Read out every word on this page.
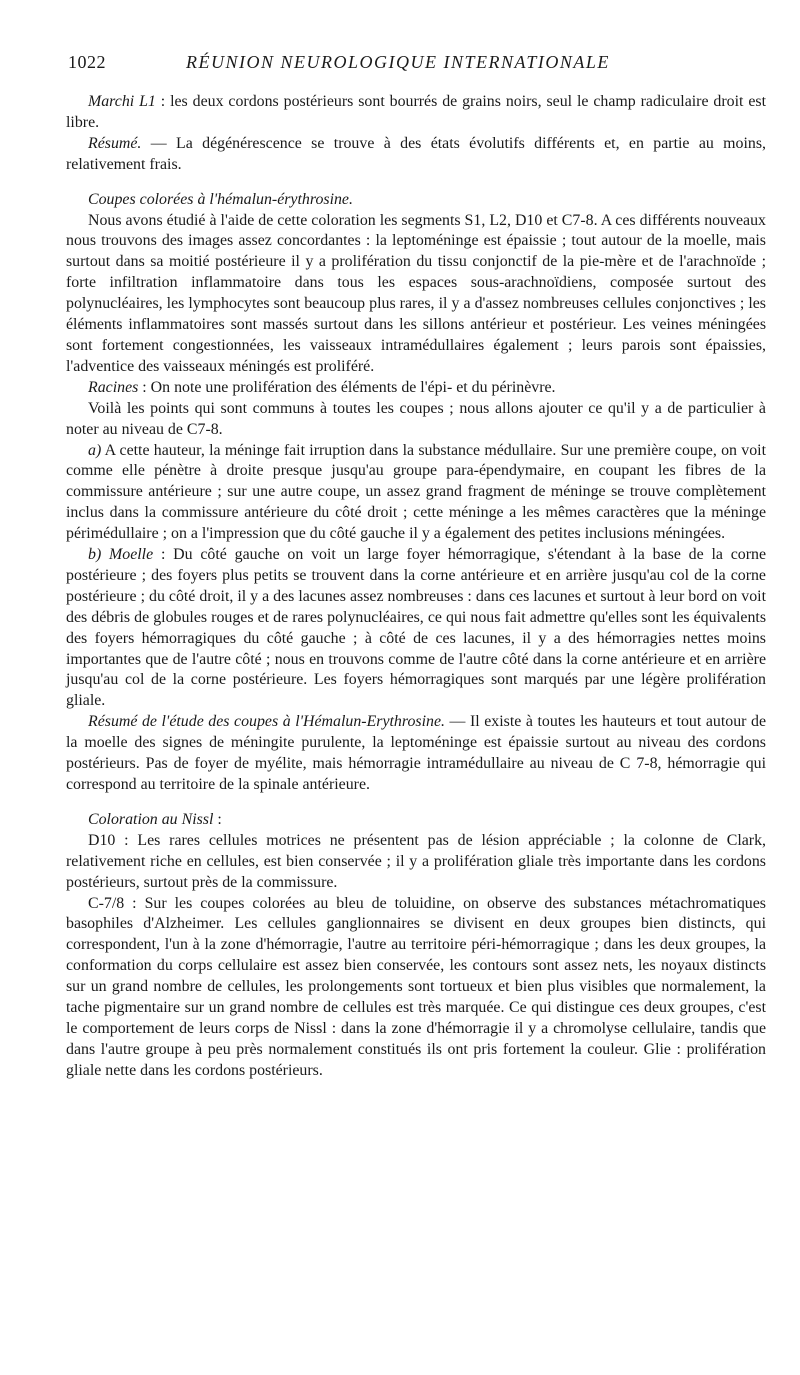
1022	RÉUNION NEUROLOGIQUE INTERNATIONALE

Marchi L1 : les deux cordons postérieurs sont bourrés de grains noirs, seul le champ radiculaire droit est libre.

Résumé. — La dégénérescence se trouve à des états évolutifs différents et, en partie au moins, relativement frais.

Coupes colorées à l'hémalun-érythrosine.

Nous avons étudié à l'aide de cette coloration les segments S1, L2, D10 et C7-8. A ces différents nouveaux nous trouvons des images assez concordantes : la leptoméninge est épaissie ; tout autour de la moelle, mais surtout dans sa moitié postérieure il y a prolifération du tissu conjonctif de la pie-mère et de l'arachnoïde ; forte infiltration inflammatoire dans tous les espaces sous-arachnoïdiens, composée surtout des polynucléaires, les lymphocytes sont beaucoup plus rares, il y a d'assez nombreuses cellules conjonctives ; les éléments inflammatoires sont massés surtout dans les sillons antérieur et postérieur. Les veines méningées sont fortement congestionnées, les vaisseaux intramédullaires également ; leurs parois sont épaissies, l'adventice des vaisseaux méningés est proliféré.

Racines : On note une prolifération des éléments de l'épi- et du périnèvre.

Voilà les points qui sont communs à toutes les coupes ; nous allons ajouter ce qu'il y a de particulier à noter au niveau de C7-8.

a) A cette hauteur, la méninge fait irruption dans la substance médullaire. Sur une première coupe, on voit comme elle pénètre à droite presque jusqu'au groupe para-épendymaire, en coupant les fibres de la commissure antérieure ; sur une autre coupe, un assez grand fragment de méninge se trouve complètement inclus dans la commissure antérieure du côté droit ; cette méninge a les mêmes caractères que la méninge périmédullaire ; on a l'impression que du côté gauche il y a également des petites inclusions méningées.

b) Moelle : Du côté gauche on voit un large foyer hémorragique, s'étendant à la base de la corne postérieure ; des foyers plus petits se trouvent dans la corne antérieure et en arrière jusqu'au col de la corne postérieure ; du côté droit, il y a des lacunes assez nombreuses : dans ces lacunes et surtout à leur bord on voit des débris de globules rouges et de rares polynucléaires, ce qui nous fait admettre qu'elles sont les équivalents des foyers hémorragiques du côté gauche ; à côté de ces lacunes, il y a des hémorragies nettes moins importantes que de l'autre côté ; nous en trouvons comme de l'autre côté dans la corne antérieure et en arrière jusqu'au col de la corne postérieure. Les foyers hémorragiques sont marqués par une légère prolifération gliale.

Résumé de l'étude des coupes à l'Hémalun-Erythrosine. — Il existe à toutes les hauteurs et tout autour de la moelle des signes de méningite purulente, la leptoméninge est épaissie surtout au niveau des cordons postérieurs. Pas de foyer de myélite, mais hémorragie intramédullaire au niveau de C 7-8, hémorragie qui correspond au territoire de la spinale antérieure.

Coloration au Nissl :

D10 : Les rares cellules motrices ne présentent pas de lésion appréciable ; la colonne de Clark, relativement riche en cellules, est bien conservée ; il y a prolifération gliale très importante dans les cordons postérieurs, surtout près de la commissure.

C-7/8 : Sur les coupes colorées au bleu de toluidine, on observe des substances métachromatiques basophiles d'Alzheimer. Les cellules ganglionnaires se divisent en deux groupes bien distincts, qui correspondent, l'un à la zone d'hémorragie, l'autre au territoire péri-hémorragique ; dans les deux groupes, la conformation du corps cellulaire est assez bien conservée, les contours sont assez nets, les noyaux distincts sur un grand nombre de cellules, les prolongements sont tortueux et bien plus visibles que normalement, la tache pigmentaire sur un grand nombre de cellules est très marquée. Ce qui distingue ces deux groupes, c'est le comportement de leurs corps de Nissl : dans la zone d'hémorragie il y a chromolyse cellulaire, tandis que dans l'autre groupe à peu près normalement constitués ils ont pris fortement la couleur. Glie : prolifération gliale nette dans les cordons postérieurs.
